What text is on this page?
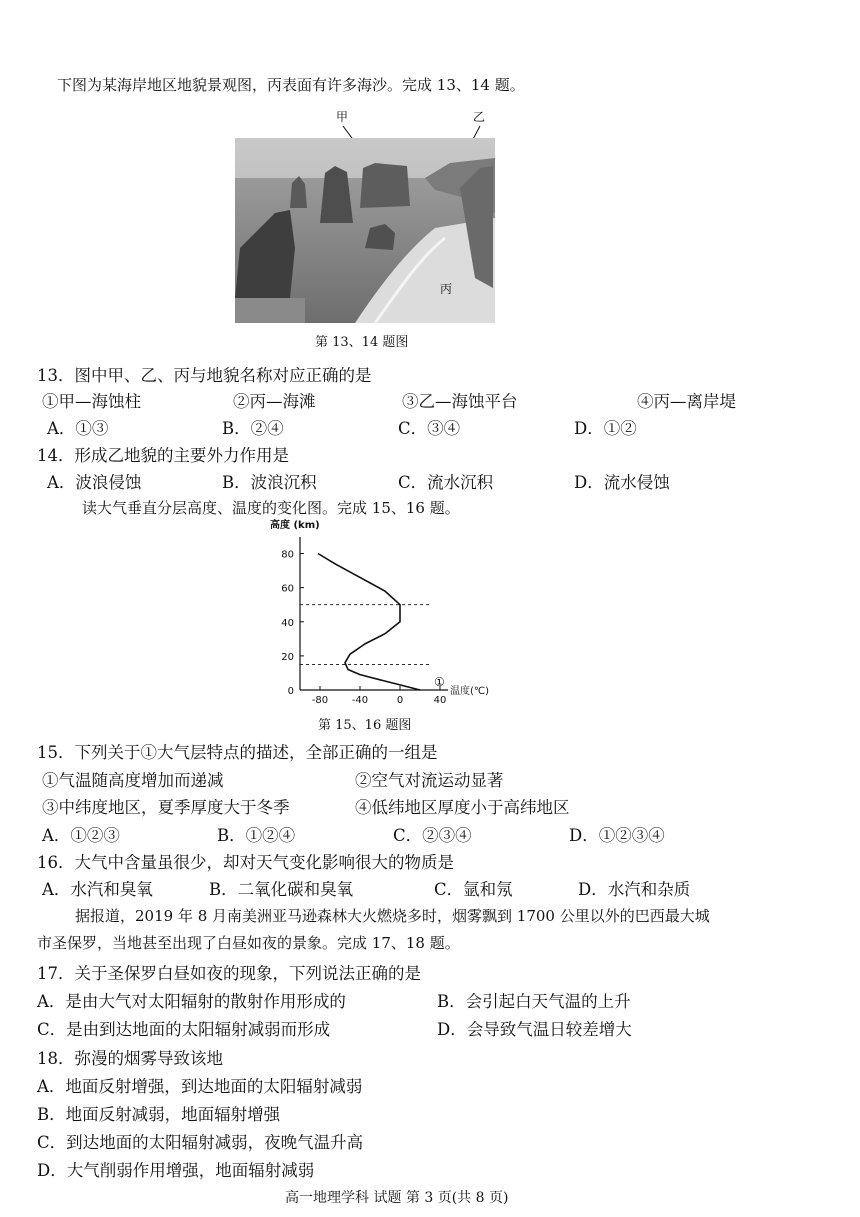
下图为某海岸地区地貌景观图，丙表面有许多海沙。完成 13、14 题。
甲	乙
丙
第 13、14 题图
13．图中甲、乙、丙与地貌名称对应正确的是
①甲—海蚀柱	②丙—海滩	③乙—海蚀平台	④丙—离岸堤
A．①③	B．②④	C．③④	D．①②
14．形成乙地貌的主要外力作用是
A．波浪侵蚀	B．波浪沉积	C．流水沉积	D．流水侵蚀
读大气垂直分层高度、温度的变化图。完成 15、16 题。
高度 (km)
0
20
40
60
80
-80 -40	0	40
温度(℃)
①
第 15、16 题图
15．下列关于①大气层特点的描述，全部正确的一组是
①气温随高度增加而递减	②空气对流运动显著
③中纬度地区，夏季厚度大于冬季	④低纬地区厚度小于高纬地区
A．①②③	B．①②④	C．②③④	D．①②③④
16．大气中含量虽很少，却对天气变化影响很大的物质是
A．水汽和臭氧	B．二氧化碳和臭氧	C．氩和氖	D．水汽和杂质
据报道，2019 年 8 月南美洲亚马逊森林大火燃烧多时，烟雾飘到 1700 公里以外的巴西最大城
市圣保罗，当地甚至出现了白昼如夜的景象。完成 17、18 题。
17．关于圣保罗白昼如夜的现象，下列说法正确的是
A．是由大气对太阳辐射的散射作用形成的	B．会引起白天气温的上升
C．是由到达地面的太阳辐射减弱而形成	D．会导致气温日较差增大
18．弥漫的烟雾导致该地
A．地面反射增强，到达地面的太阳辐射减弱
B．地面反射减弱，地面辐射增强
C．到达地面的太阳辐射减弱，夜晚气温升高
D．大气削弱作用增强，地面辐射减弱
高一地理学科 试题 第 3 页(共 8 页)
